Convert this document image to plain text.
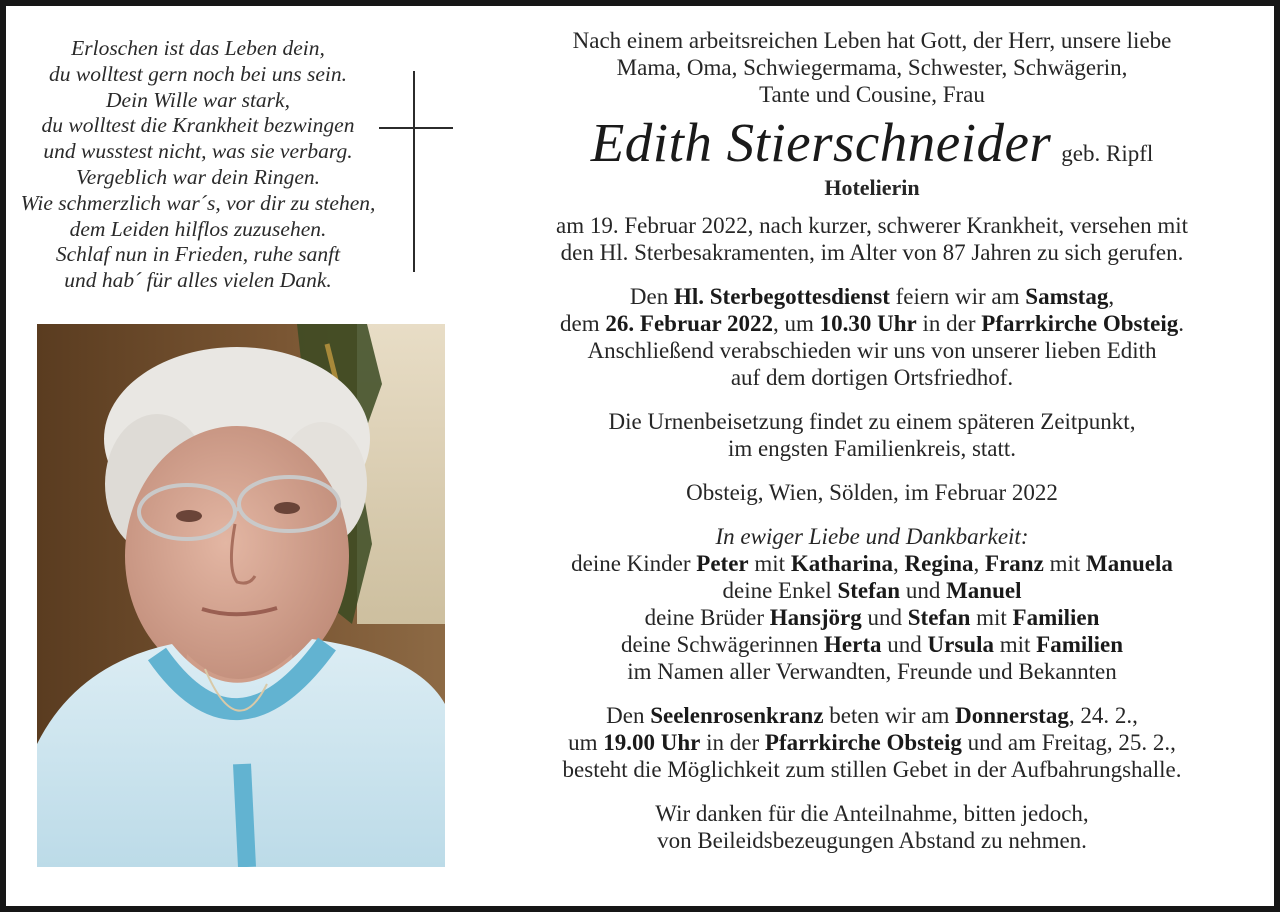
Erloschen ist das Leben dein,
du wolltest gern noch bei uns sein.
Dein Wille war stark,
du wolltest die Krankheit bezwingen
und wusstest nicht, was sie verbarg.
Vergeblich war dein Ringen.
Wie schmerzlich war´s, vor dir zu stehen,
dem Leiden hilflos zuzusehen.
Schlaf nun in Frieden, ruhe sanft
und hab´ für alles vielen Dank.

Nach einem arbeitsreichen Leben hat Gott, der Herr, unsere liebe

Mama, Oma, Schwiegermama, Schwester, Schwägerin,

Tante und Cousine, Frau

Edith Stierschneider geb. Ripfl

Hotelierin

am 19. Februar 2022, nach kurzer, schwerer Krankheit, versehen mit

den Hl. Sterbesakramenten, im Alter von 87 Jahren zu sich gerufen.

Den Hl. Sterbegottesdienst feiern wir am Samstag,

dem 26. Februar 2022, um 10.30 Uhr in der Pfarrkirche Obsteig.

Anschließend verabschieden wir uns von unserer lieben Edith

auf dem dortigen Ortsfriedhof.

Die Urnenbeisetzung findet zu einem späteren Zeitpunkt,

im engsten Familienkreis, statt.

Obsteig, Wien, Sölden, im Februar 2022

In ewiger Liebe und Dankbarkeit:

deine Kinder Peter mit Katharina, Regina, Franz mit Manuela

deine Enkel Stefan und Manuel

deine Brüder Hansjörg und Stefan mit Familien

deine Schwägerinnen Herta und Ursula mit Familien

im Namen aller Verwandten, Freunde und Bekannten

Den Seelenrosenkranz beten wir am Donnerstag, 24. 2.,

um 19.00 Uhr in der Pfarrkirche Obsteig und am Freitag, 25. 2.,

besteht die Möglichkeit zum stillen Gebet in der Aufbahrungshalle.

Wir danken für die Anteilnahme, bitten jedoch,

von Beileidsbezeugungen Abstand zu nehmen.
